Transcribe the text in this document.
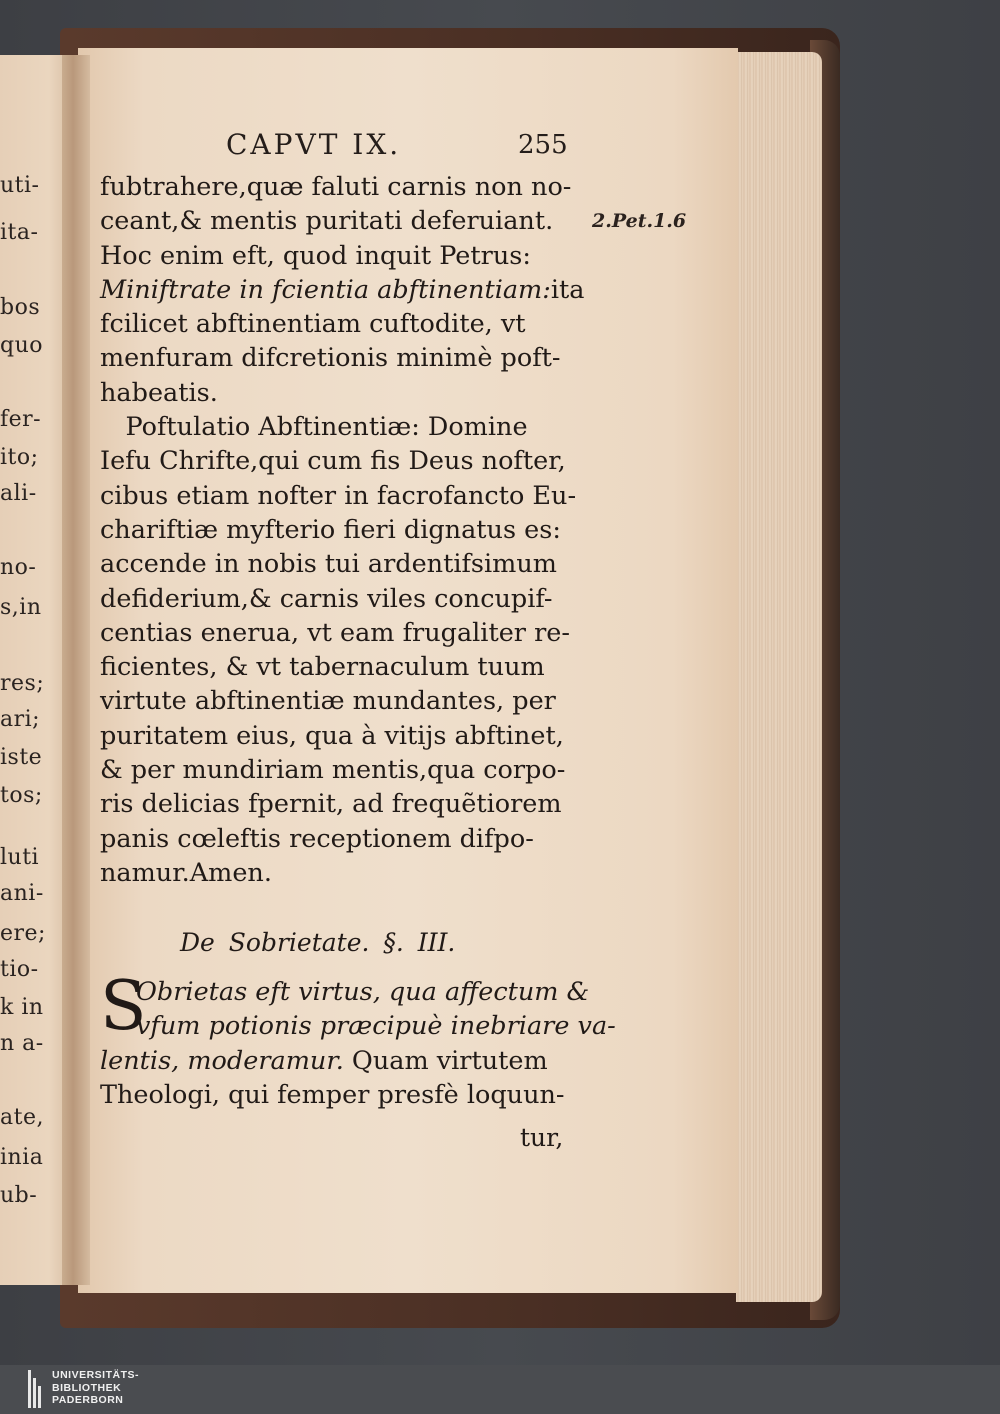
uti-
ita-
bos
quo
fer-
ito;
ali-
no-
s,in
res;
ari;
iste
tos;
luti
ani-
ere;
tio-
k in
n a-
ate,
inia
ub-
CAPVT IX.	255
2.Pet.1.6
fubtrahere,quæ faluti carnis non no-
ceant,& mentis puritati deferuiant.
Hoc enim eft, quod inquit Petrus:
Miniftrate in fcientia abftinentiam:ita
fcilicet abftinentiam cuftodite, vt
menfuram difcretionis minimè poft-
habeatis.
 Poftulatio Abftinentiæ: Domine
Iefu Chrifte,qui cum fis Deus nofter,
cibus etiam nofter in facrofancto Eu-
chariftiæ myfterio fieri dignatus es:
accende in nobis tui ardentifsimum
defiderium,& carnis viles concupif-
centias enerua, vt eam frugaliter re-
ficientes, & vt tabernaculum tuum
virtute abftinentiæ mundantes, per
puritatem eius, qua à vitijs abftinet,
& per mundiriam mentis,qua corpo-
ris delicias fpernit, ad frequẽtiorem
panis cœleftis receptionem difpo-
namur.Amen.
De Sobrietate. §. III.
S
Obrietas eft virtus, qua affectum &
vfum potionis præcipuè inebriare va-
lentis, moderamur. Quam virtutem
Theologi, qui femper presfè loquun-
tur,
UNIVERSITÄTS-
BIBLIOTHEK
PADERBORN
